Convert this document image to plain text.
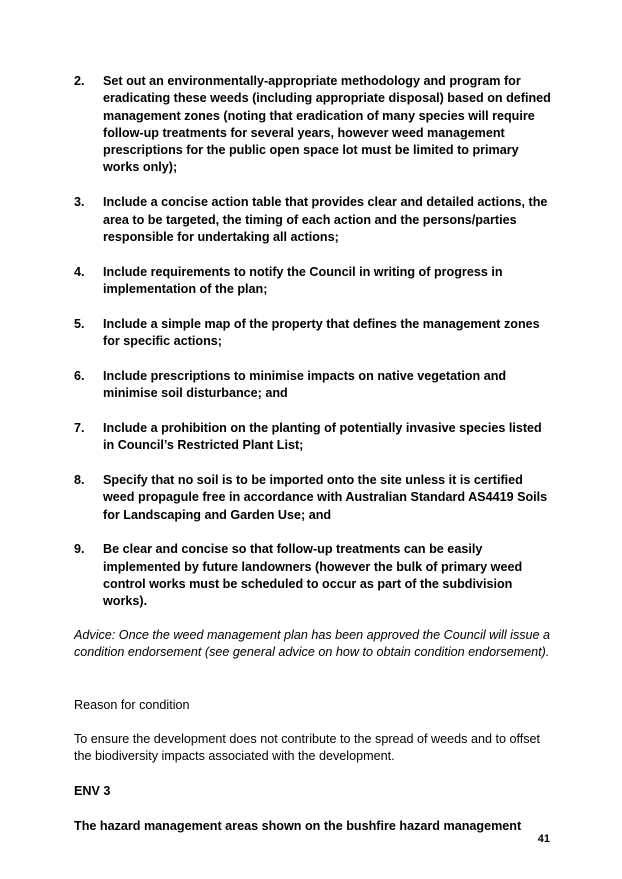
2.	Set out an environmentally-appropriate methodology and program for eradicating these weeds (including appropriate disposal) based on defined management zones (noting that eradication of many species will require follow-up treatments for several years, however weed management prescriptions for the public open space lot must be limited to primary works only);
3.	Include a concise action table that provides clear and detailed actions, the area to be targeted, the timing of each action and the persons/parties responsible for undertaking all actions;
4.	Include requirements to notify the Council in writing of progress in implementation of the plan;
5.	Include a simple map of the property that defines the management zones for specific actions;
6.	Include prescriptions to minimise impacts on native vegetation and minimise soil disturbance; and
7.	Include a prohibition on the planting of potentially invasive species listed in Council’s Restricted Plant List;
8.	Specify that no soil is to be imported onto the site unless it is certified weed propagule free in accordance with Australian Standard AS4419 Soils for Landscaping and Garden Use; and
9.	Be clear and concise so that follow-up treatments can be easily implemented by future landowners (however the bulk of primary weed control works must be scheduled to occur as part of the subdivision works).

Advice: Once the weed management plan has been approved the Council will issue a condition endorsement (see general advice on how to obtain condition endorsement).

Reason for condition

To ensure the development does not contribute to the spread of weeds and to offset the biodiversity impacts associated with the development.

ENV 3

The hazard management areas shown on the bushfire hazard management

41
